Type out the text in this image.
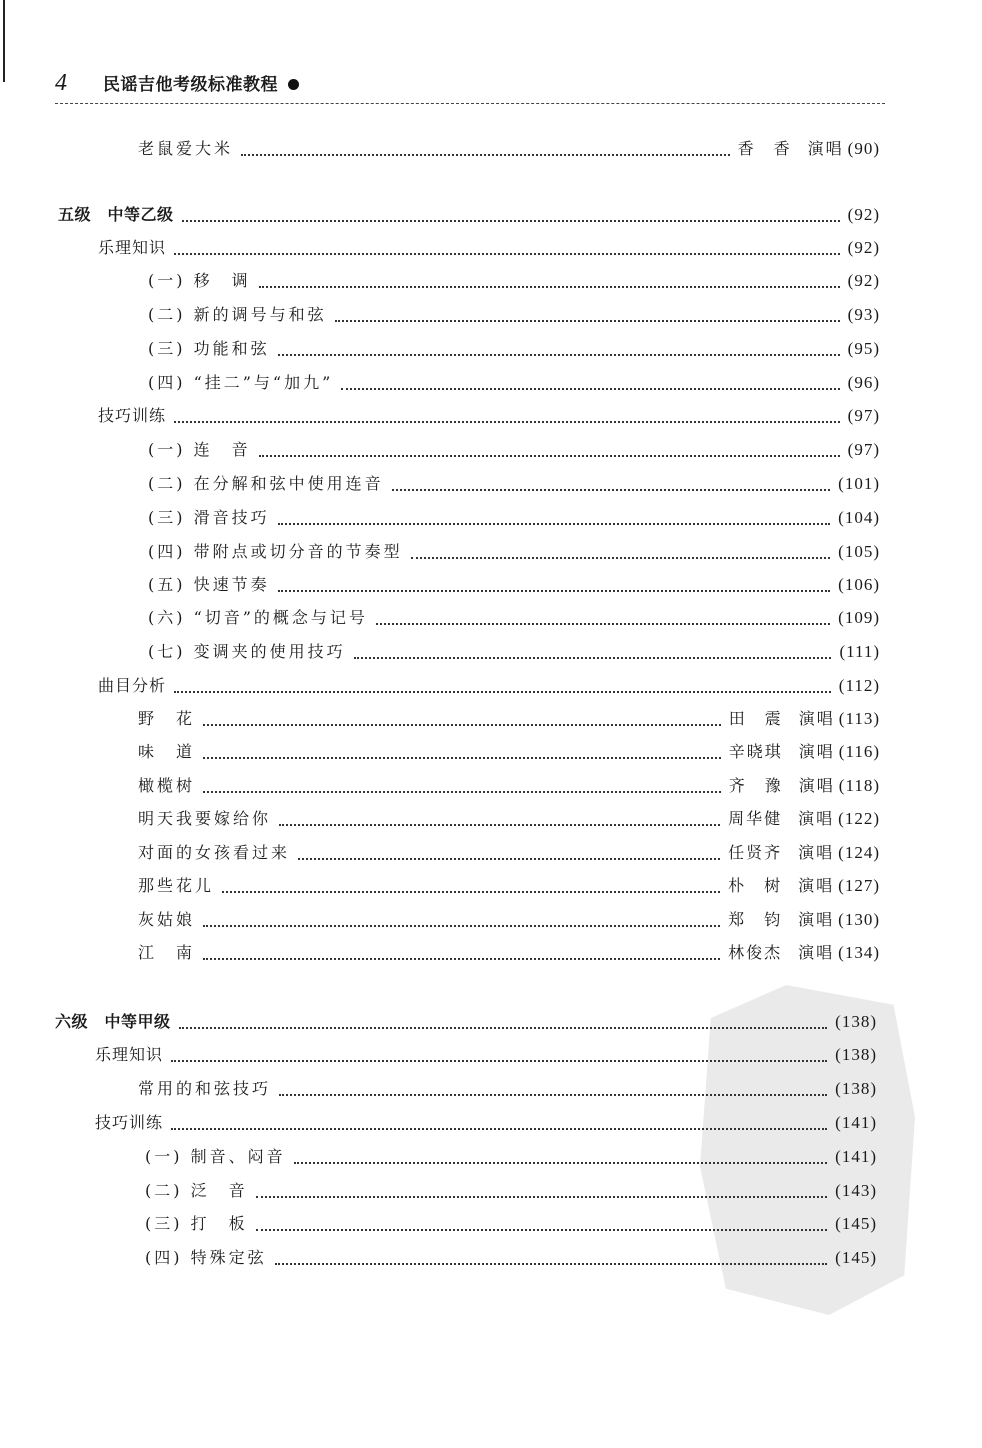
4	民谣吉他考级标准教程
老鼠爱大米	香　香 演唱 (90)
五级　中等乙级	(92)
乐理知识	(92)
(一) 移　调	(92)
(二) 新的调号与和弦	(93)
(三) 功能和弦	(95)
(四) “挂二”与“加九”	(96)
技巧训练	(97)
(一) 连　音	(97)
(二) 在分解和弦中使用连音	(101)
(三) 滑音技巧	(104)
(四) 带附点或切分音的节奏型	(105)
(五) 快速节奏	(106)
(六) “切音”的概念与记号	(109)
(七) 变调夹的使用技巧	(111)
曲目分析	(112)
野　花	田　震 演唱 (113)
味　道	辛晓琪 演唱 (116)
橄榄树	齐　豫 演唱 (118)
明天我要嫁给你	周华健 演唱 (122)
对面的女孩看过来	任贤齐 演唱 (124)
那些花儿	朴　树 演唱 (127)
灰姑娘	郑　钧 演唱 (130)
江　南	林俊杰 演唱 (134)
六级　中等甲级	(138)
乐理知识	(138)
常用的和弦技巧	(138)
技巧训练	(141)
(一) 制音、闷音	(141)
(二) 泛　音	(143)
(三) 打　板	(145)
(四) 特殊定弦	(145)
